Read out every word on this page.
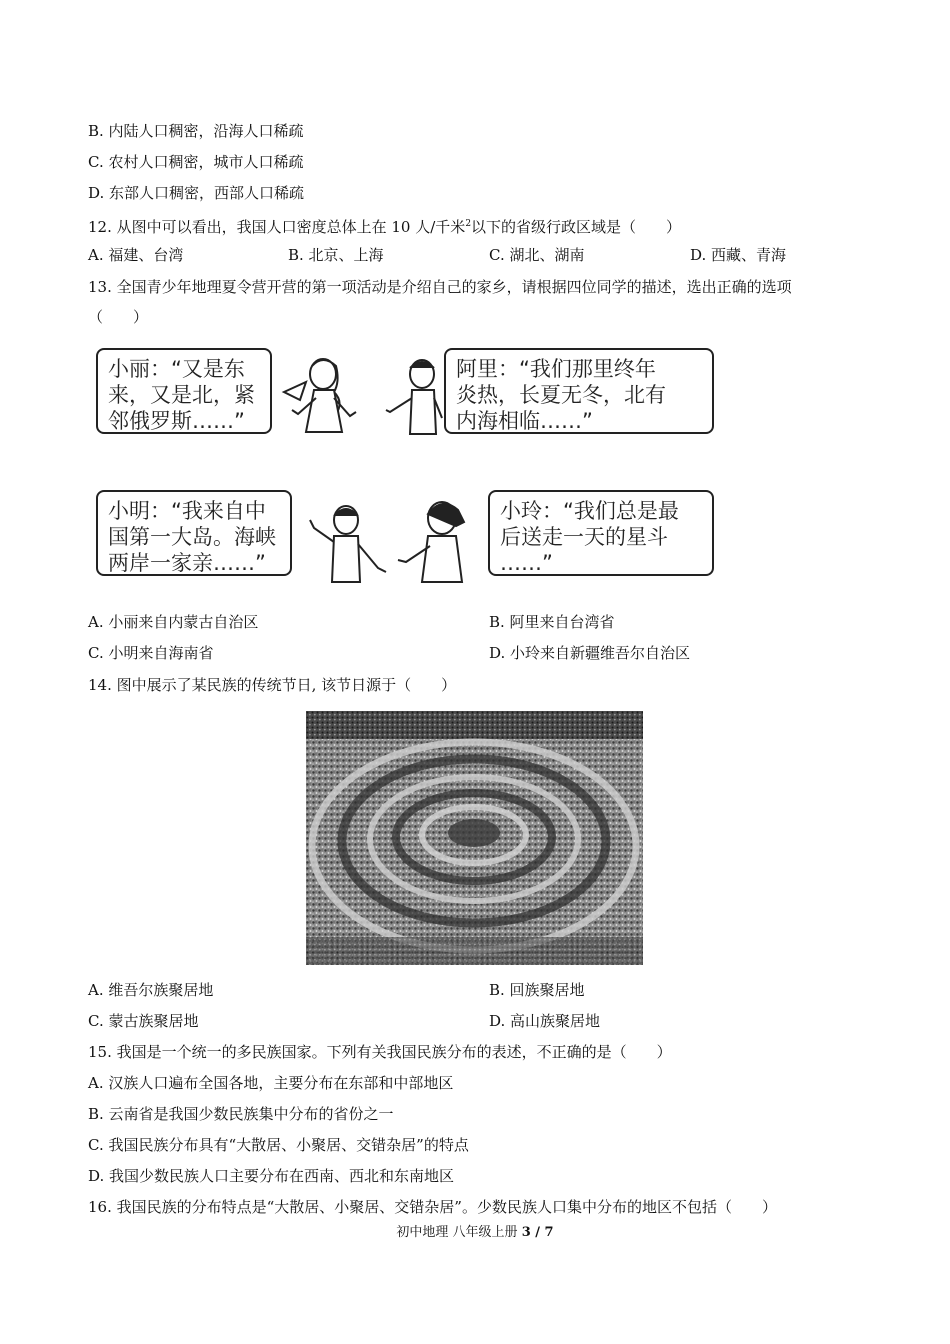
B. 内陆人口稠密，沿海人口稀疏
C. 农村人口稠密，城市人口稀疏
D. 东部人口稠密，西部人口稀疏
12. 从图中可以看出，我国人口密度总体上在 10 人/千米$^2$以下的省级行政区域是（　　）
A. 福建、台湾	B. 北京、上海	C. 湖北、湖南	D. 西藏、青海
13. 全国青少年地理夏令营开营的第一项活动是介绍自己的家乡，请根据四位同学的描述，选出正确的选项
（　　）
小丽：“又是东
来，又是北，紧
邻俄罗斯……”
阿里：“我们那里终年
炎热，长夏无冬，北有
内海相临……”
小明：“我来自中
国第一大岛。海峡
两岸一家亲……”
小玲：“我们总是最
后送走一天的星斗
……”
A. 小丽来自内蒙古自治区	B. 阿里来自台湾省
C. 小明来自海南省	D. 小玲来自新疆维吾尔自治区
14. 图中展示了某民族的传统节日, 该节日源于（　　）
A. 维吾尔族聚居地	B. 回族聚居地
C. 蒙古族聚居地	D. 高山族聚居地
15. 我国是一个统一的多民族国家。下列有关我国民族分布的表述，不正确的是（　　）
A. 汉族人口遍布全国各地，主要分布在东部和中部地区
B. 云南省是我国少数民族集中分布的省份之一
C. 我国民族分布具有“大散居、小聚居、交错杂居”的特点
D. 我国少数民族人口主要分布在西南、西北和东南地区
16. 我国民族的分布特点是“大散居、小聚居、交错杂居”。少数民族人口集中分布的地区不包括（　　）
初中地理 八年级上册 3 / 7
